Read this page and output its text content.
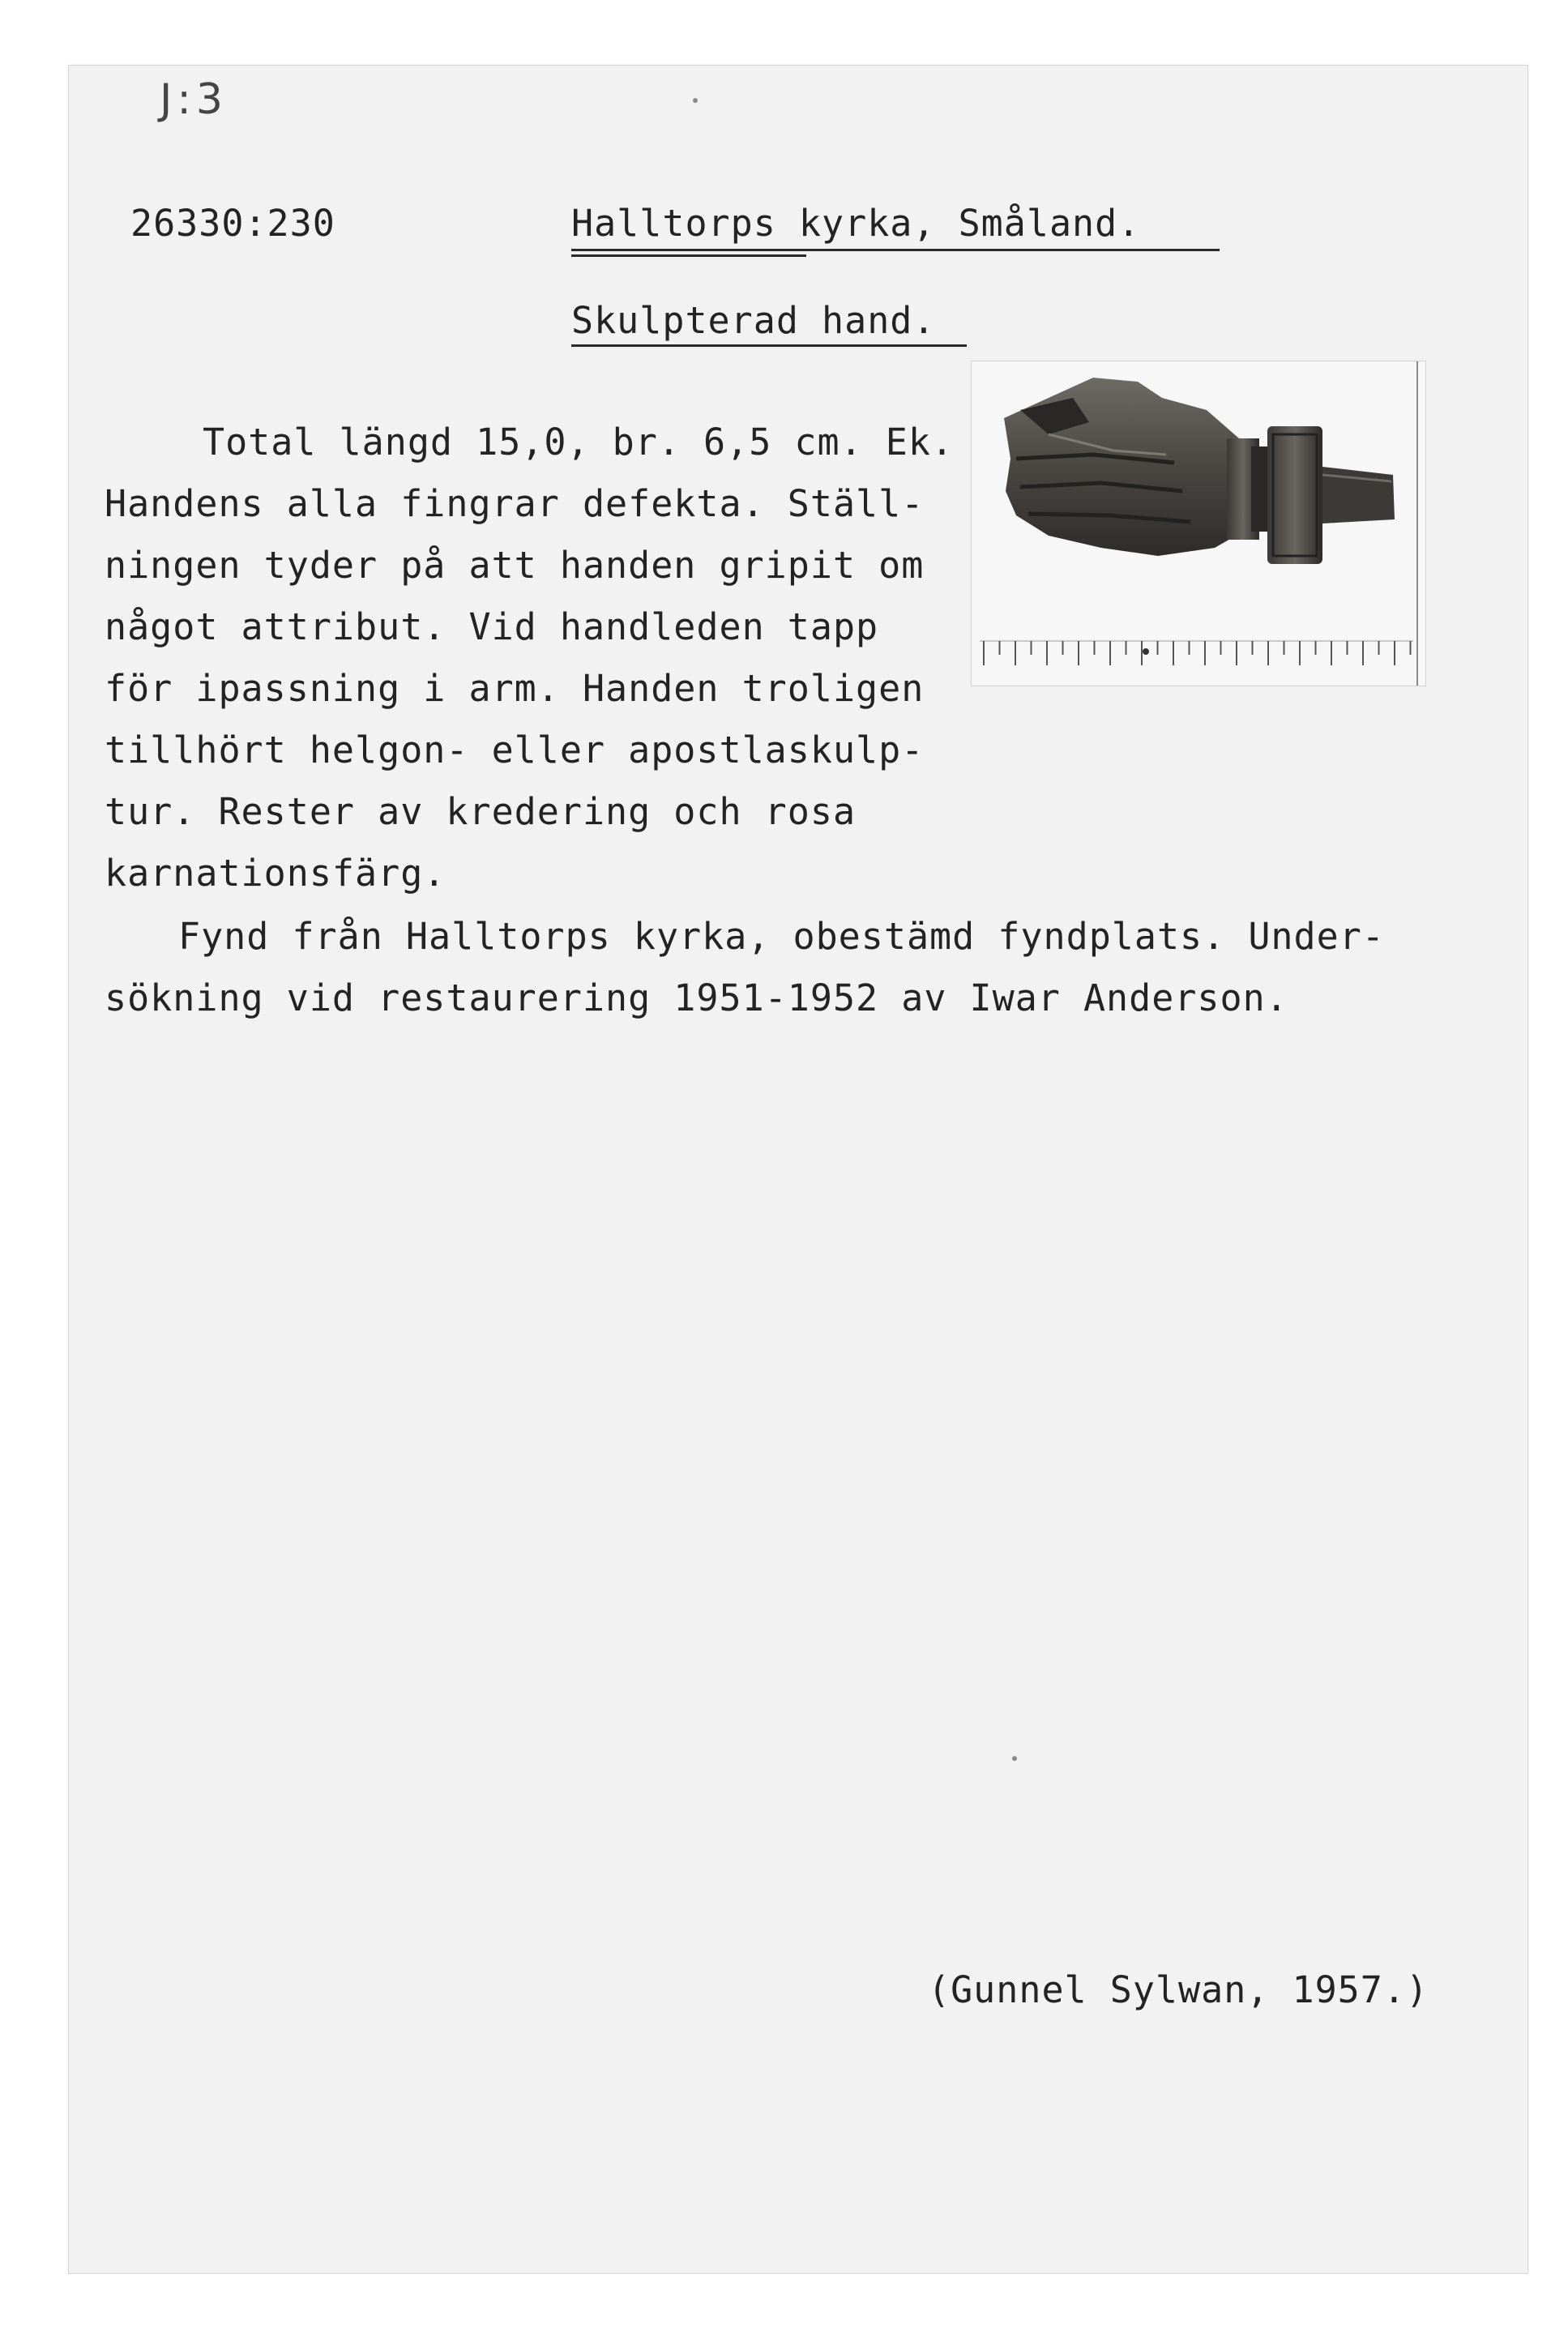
J:3
26330:230	Halltorps kyrka, Småland.
Skulpterad hand.
Total längd 15,0, br. 6,5 cm. Ek.
Handens alla fingrar defekta. Ställ-
ningen tyder på att handen gripit om
något attribut. Vid handleden tapp
för ipassning i arm. Handen troligen
tillhört helgon- eller apostlaskulp-
tur. Rester av kredering och rosa
karnationsfärg.
Fynd från Halltorps kyrka, obestämd fyndplats. Under-
sökning vid restaurering 1951-1952 av Iwar Anderson.
(Gunnel Sylwan, 1957.)
